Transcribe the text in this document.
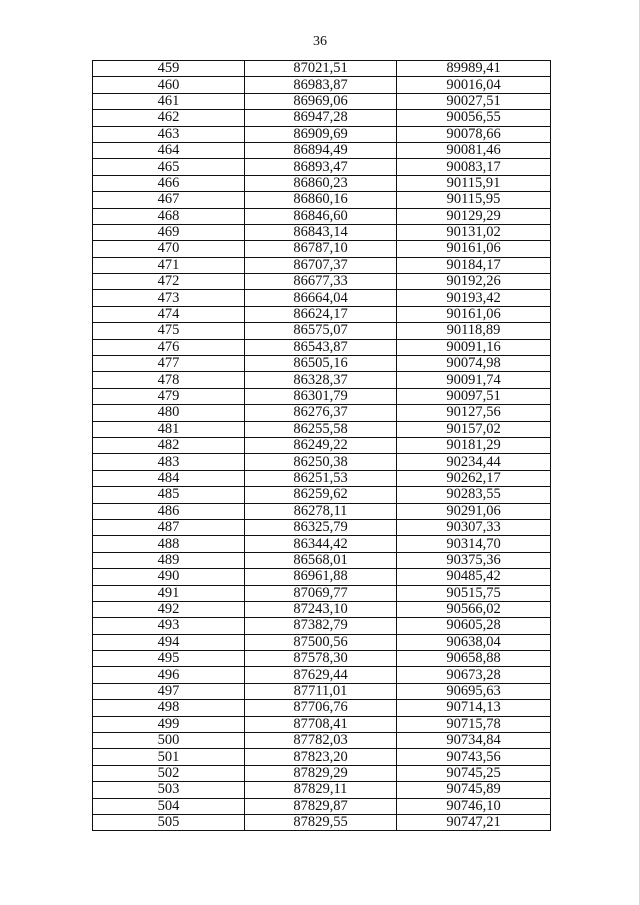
36
459	87021,51	89989,41
460	86983,87	90016,04
461	86969,06	90027,51
462	86947,28	90056,55
463	86909,69	90078,66
464	86894,49	90081,46
465	86893,47	90083,17
466	86860,23	90115,91
467	86860,16	90115,95
468	86846,60	90129,29
469	86843,14	90131,02
470	86787,10	90161,06
471	86707,37	90184,17
472	86677,33	90192,26
473	86664,04	90193,42
474	86624,17	90161,06
475	86575,07	90118,89
476	86543,87	90091,16
477	86505,16	90074,98
478	86328,37	90091,74
479	86301,79	90097,51
480	86276,37	90127,56
481	86255,58	90157,02
482	86249,22	90181,29
483	86250,38	90234,44
484	86251,53	90262,17
485	86259,62	90283,55
486	86278,11	90291,06
487	86325,79	90307,33
488	86344,42	90314,70
489	86568,01	90375,36
490	86961,88	90485,42
491	87069,77	90515,75
492	87243,10	90566,02
493	87382,79	90605,28
494	87500,56	90638,04
495	87578,30	90658,88
496	87629,44	90673,28
497	87711,01	90695,63
498	87706,76	90714,13
499	87708,41	90715,78
500	87782,03	90734,84
501	87823,20	90743,56
502	87829,29	90745,25
503	87829,11	90745,89
504	87829,87	90746,10
505	87829,55	90747,21
